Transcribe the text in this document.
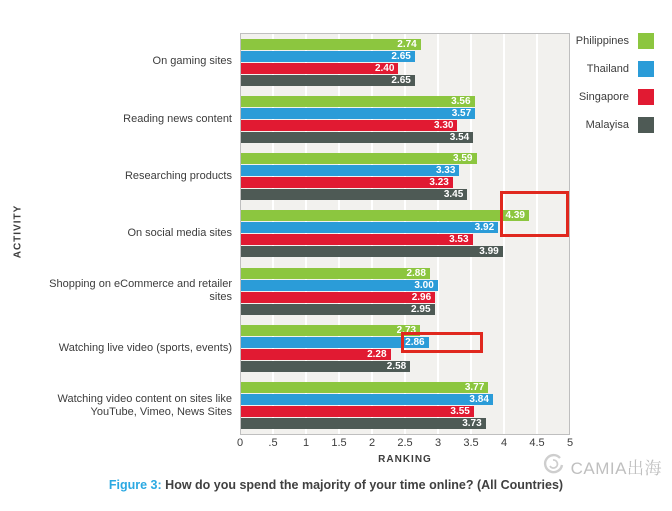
ACTIVITY
On gaming sites
Reading news content
Researching products
On social media sites
Shopping on eCommerce and retailer sites
Watching live video (sports, events)
Watching video content on sites like YouTube, Vimeo, News Sites
2.74
2.65
2.40
2.65
3.56
3.57
3.30
3.54
3.59
3.33
3.23
3.45
4.39
3.92
3.53
3.99
2.88
3.00
2.96
2.95
2.73
2.86
2.28
2.58
3.77
3.84
3.55
3.73
0 .5 1 1.5 2 2.5 3 3.5 4 4.5 5
RANKING
Philippines
Thailand
Singapore
Malayisa
Figure 3: How do you spend the majority of your time online? (All Countries)
CAMIA出海
